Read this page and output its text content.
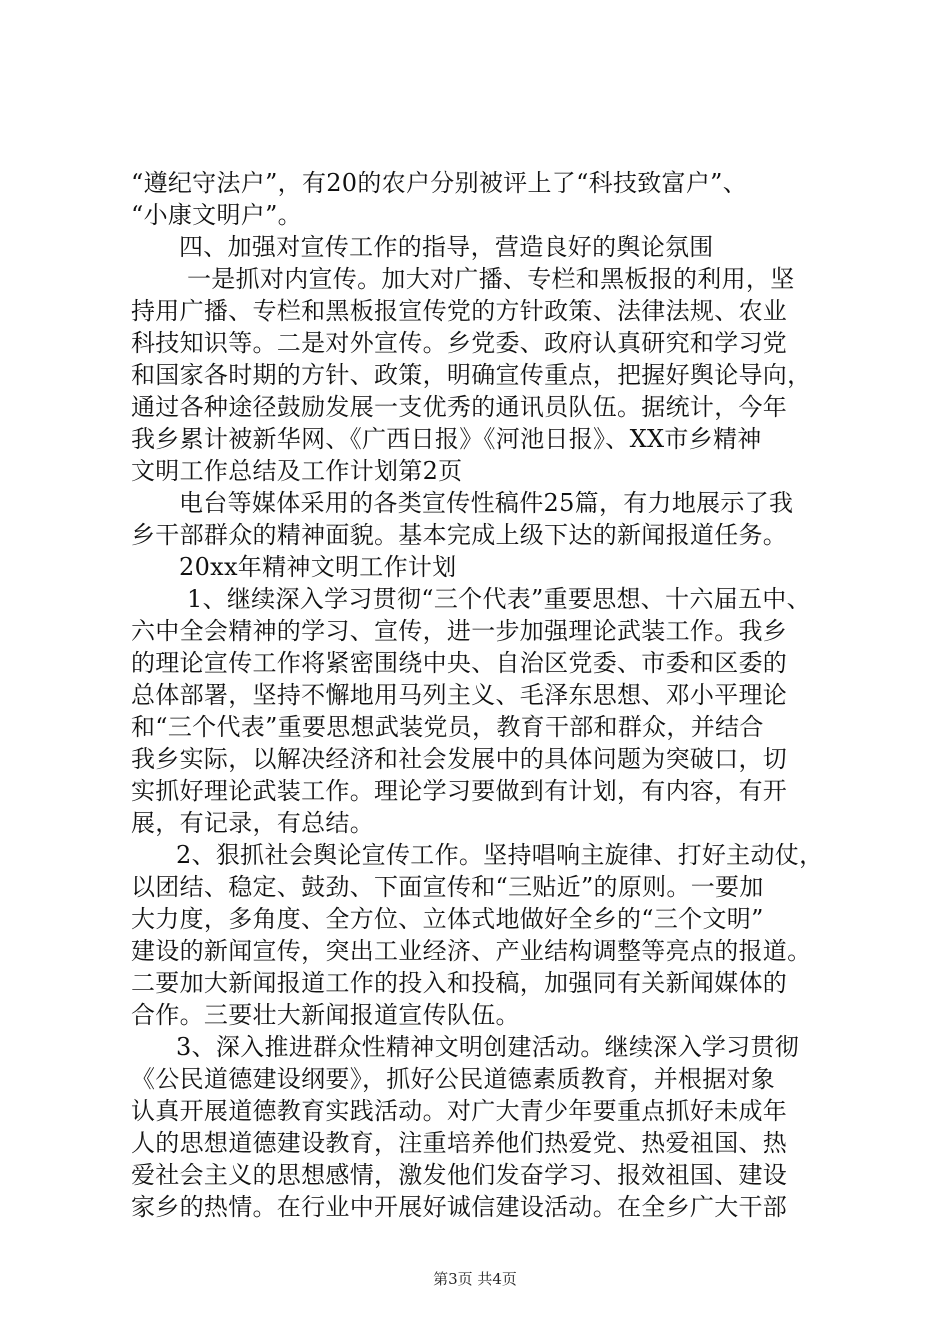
“遵纪守法户”，有20的农户分别被评上了“科技致富户”、
“小康文明户”。
四、加强对宣传工作的指导，营造良好的舆论氛围
一是抓对内宣传。加大对广播、专栏和黑板报的利用，坚
持用广播、专栏和黑板报宣传党的方针政策、法律法规、农业
科技知识等。二是对外宣传。乡党委、政府认真研究和学习党
和国家各时期的方针、政策，明确宣传重点，把握好舆论导向，
通过各种途径鼓励发展一支优秀的通讯员队伍。据统计，今年
我乡累计被新华网、《广西日报》《河池日报》、XX市乡精神
文明工作总结及工作计划第2页
电台等媒体采用的各类宣传性稿件25篇，有力地展示了我
乡干部群众的精神面貌。基本完成上级下达的新闻报道任务。
20xx年精神文明工作计划
1、继续深入学习贯彻“三个代表”重要思想、十六届五中、
六中全会精神的学习、宣传，进一步加强理论武装工作。我乡
的理论宣传工作将紧密围绕中央、自治区党委、市委和区委的
总体部署，坚持不懈地用马列主义、毛泽东思想、邓小平理论
和“三个代表”重要思想武装党员，教育干部和群众，并结合
我乡实际，以解决经济和社会发展中的具体问题为突破口，切
实抓好理论武装工作。理论学习要做到有计划，有内容，有开
展，有记录，有总结。
2、狠抓社会舆论宣传工作。坚持唱响主旋律、打好主动仗，
以团结、稳定、鼓劲、下面宣传和“三贴近”的原则。一要加
大力度，多角度、全方位、立体式地做好全乡的“三个文明”
建设的新闻宣传，突出工业经济、产业结构调整等亮点的报道。
二要加大新闻报道工作的投入和投稿，加强同有关新闻媒体的
合作。三要壮大新闻报道宣传队伍。
3、深入推进群众性精神文明创建活动。继续深入学习贯彻
《公民道德建设纲要》，抓好公民道德素质教育，并根据对象
认真开展道德教育实践活动。对广大青少年要重点抓好未成年
人的思想道德建设教育，注重培养他们热爱党、热爱祖国、热
爱社会主义的思想感情，激发他们发奋学习、报效祖国、建设
家乡的热情。在行业中开展好诚信建设活动。在全乡广大干部
第3页 共4页
